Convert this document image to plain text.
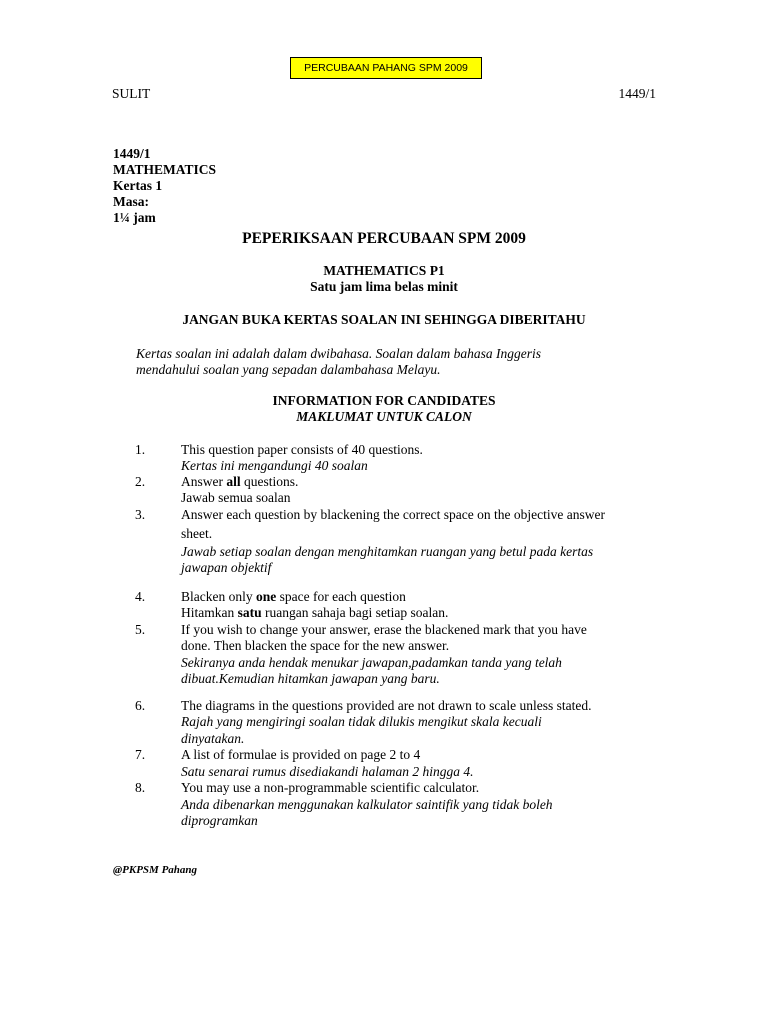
PERCUBAAN PAHANG SPM 2009
SULIT	1449/1
1449/1
MATHEMATICS
Kertas 1
Masa:
1¼ jam
PEPERIKSAAN PERCUBAAN SPM 2009
MATHEMATICS P1
Satu jam lima belas minit
JANGAN BUKA KERTAS SOALAN INI SEHINGGA DIBERITAHU
Kertas soalan ini adalah dalam dwibahasa. Soalan dalam bahasa Inggeris
mendahului soalan yang sepadan dalambahasa Melayu.
INFORMATION FOR CANDIDATES
MAKLUMAT UNTUK CALON
1.	This question paper consists of 40 questions.
Kertas ini mengandungi 40 soalan
2.	Answer all questions.
Jawab semua soalan
3.	Answer each question by blackening the correct space on the objective answer
sheet.
Jawab setiap soalan dengan menghitamkan ruangan yang betul pada kertas
jawapan objektif
4.	Blacken only one space for each question
Hitamkan satu ruangan sahaja bagi setiap soalan.
5.	If you wish to change your answer, erase the blackened mark that you have
done. Then blacken the space for the new answer.
Sekiranya anda hendak menukar jawapan,padamkan tanda yang telah
dibuat.Kemudian hitamkan jawapan yang baru.
6.	The diagrams in the questions provided are not drawn to scale unless stated.
Rajah yang mengiringi soalan tidak dilukis mengikut skala kecuali
dinyatakan.
7.	A list of formulae is provided on page 2 to 4
Satu senarai rumus disediakandi halaman 2 hingga 4.
8.	You may use a non-programmable scientific calculator.
Anda dibenarkan menggunakan kalkulator saintifik yang tidak boleh
diprogramkan
@PKPSM Pahang
